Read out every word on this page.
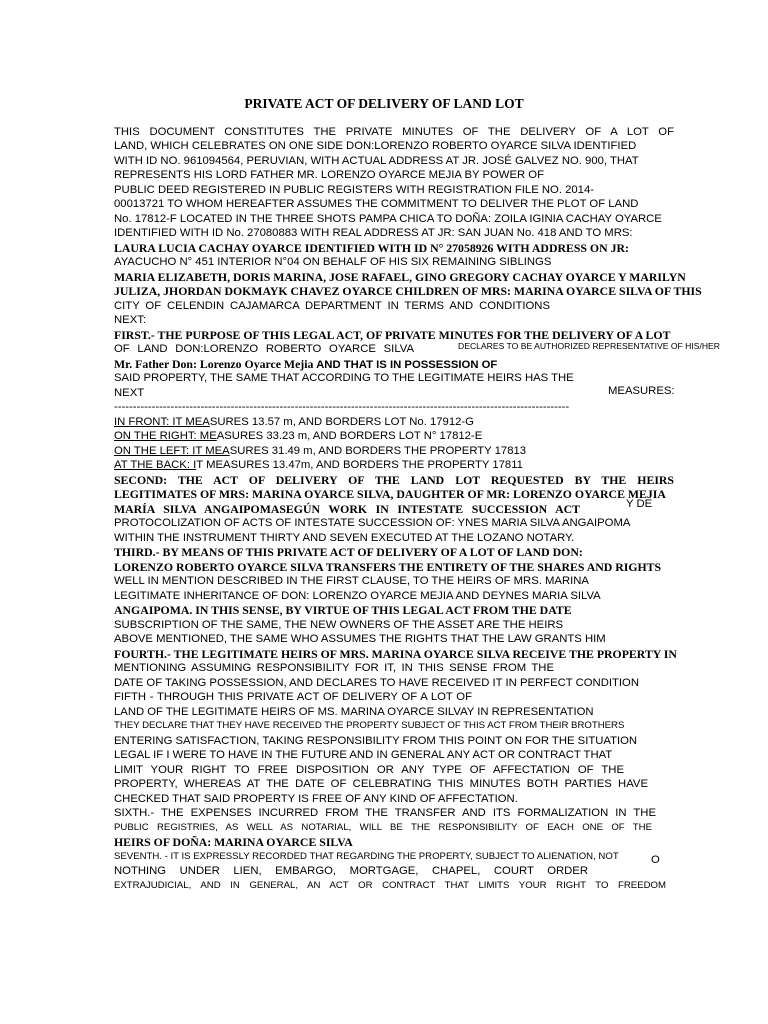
PRIVATE ACT OF DELIVERY OF LAND LOT
DECLARES TO BE AUTHORIZED REPRESENTATIVE OF HIS/HER
MEASURES:
Y DE
O
THIS DOCUMENT CONSTITUTES THE PRIVATE MINUTES OF THE DELIVERY OF A LOT OF
LAND, WHICH CELEBRATES ON ONE SIDE DON:LORENZO ROBERTO OYARCE SILVA IDENTIFIED
WITH ID NO. 961094564, PERUVIAN, WITH ACTUAL ADDRESS AT JR. JOSÉ GALVEZ NO. 900, THAT
REPRESENTS HIS LORD FATHER MR. LORENZO OYARCE MEJIA BY POWER OF
PUBLIC DEED REGISTERED IN PUBLIC REGISTERS WITH REGISTRATION FILE NO. 2014-
00013721 TO WHOM HEREAFTER ASSUMES THE COMMITMENT TO DELIVER THE PLOT OF LAND
No. 17812-F LOCATED IN THE THREE SHOTS PAMPA CHICA TO DOÑA: ZOILA IGINIA CACHAY OYARCE
IDENTIFIED WITH ID No. 27080883 WITH REAL ADDRESS AT JR: SAN JUAN No. 418 AND TO MRS:
LAURA LUCIA CACHAY OYARCE IDENTIFIED WITH ID N° 27058926 WITH ADDRESS ON JR:
AYACUCHO N° 451 INTERIOR N°04 ON BEHALF OF HIS SIX REMAINING SIBLINGS
MARIA ELIZABETH, DORIS MARINA, JOSE RAFAEL, GINO GREGORY CACHAY OYARCE Y MARILYN
JULIZA, JHORDAN DOKMAYK CHAVEZ OYARCE CHILDREN OF MRS: MARINA OYARCE SILVA OF THIS
CITY OF CELENDIN CAJAMARCA DEPARTMENT IN TERMS AND CONDITIONS
NEXT:
FIRST.- THE PURPOSE OF THIS LEGAL ACT, OF PRIVATE MINUTES FOR THE DELIVERY OF A LOT
OF LAND DON:LORENZO ROBERTO OYARCE SILVA
Mr. Father Don: Lorenzo Oyarce Mejia AND THAT IS IN POSSESSION OF
SAID PROPERTY, THE SAME THAT ACCORDING TO THE LEGITIMATE HEIRS HAS THE
NEXT
-------------------------------------------------------------------------------------------------------------------------
IN FRONT: IT MEASURES 13.57 m, AND BORDERS LOT No. 17912-G
ON THE RIGHT: MEASURES 33.23 m, AND BORDERS LOT N° 17812-E
ON THE LEFT: IT MEASURES 31.49 m, AND BORDERS THE PROPERTY 17813
AT THE BACK: IT MEASURES 13.47m, AND BORDERS THE PROPERTY 17811
SECOND: THE ACT OF DELIVERY OF THE LAND LOT REQUESTED BY THE HEIRS
LEGITIMATES OF MRS: MARINA OYARCE SILVA, DAUGHTER OF MR: LORENZO OYARCE MEJIA
MARÍA SILVA ANGAIPOMASEGÚN WORK IN INTESTATE SUCCESSION ACT
PROTOCOLIZATION OF ACTS OF INTESTATE SUCCESSION OF: YNES MARIA SILVA ANGAIPOMA
WITHIN THE INSTRUMENT THIRTY AND SEVEN EXECUTED AT THE LOZANO NOTARY.
THIRD.- BY MEANS OF THIS PRIVATE ACT OF DELIVERY OF A LOT OF LAND DON:
LORENZO ROBERTO OYARCE SILVA TRANSFERS THE ENTIRETY OF THE SHARES AND RIGHTS
WELL IN MENTION DESCRIBED IN THE FIRST CLAUSE, TO THE HEIRS OF MRS. MARINA
LEGITIMATE INHERITANCE OF DON: LORENZO OYARCE MEJIA AND DEYNES MARIA SILVA
ANGAIPOMA. IN THIS SENSE, BY VIRTUE OF THIS LEGAL ACT FROM THE DATE
SUBSCRIPTION OF THE SAME, THE NEW OWNERS OF THE ASSET ARE THE HEIRS
ABOVE MENTIONED, THE SAME WHO ASSUMES THE RIGHTS THAT THE LAW GRANTS HIM
FOURTH.- THE LEGITIMATE HEIRS OF MRS. MARINA OYARCE SILVA RECEIVE THE PROPERTY IN
MENTIONING ASSUMING RESPONSIBILITY FOR IT, IN THIS SENSE FROM THE
DATE OF TAKING POSSESSION, AND DECLARES TO HAVE RECEIVED IT IN PERFECT CONDITION
FIFTH - THROUGH THIS PRIVATE ACT OF DELIVERY OF A LOT OF
LAND OF THE LEGITIMATE HEIRS OF MS. MARINA OYARCE SILVAY IN REPRESENTATION
THEY DECLARE THAT THEY HAVE RECEIVED THE PROPERTY SUBJECT OF THIS ACT FROM THEIR BROTHERS
ENTERING SATISFACTION, TAKING RESPONSIBILITY FROM THIS POINT ON FOR THE SITUATION
LEGAL IF I WERE TO HAVE IN THE FUTURE AND IN GENERAL ANY ACT OR CONTRACT THAT
LIMIT YOUR RIGHT TO FREE DISPOSITION OR ANY TYPE OF AFFECTATION OF THE
PROPERTY, WHEREAS AT THE DATE OF CELEBRATING THIS MINUTES BOTH PARTIES HAVE
CHECKED THAT SAID PROPERTY IS FREE OF ANY KIND OF AFFECTATION.
SIXTH.- THE EXPENSES INCURRED FROM THE TRANSFER AND ITS FORMALIZATION IN THE
PUBLIC REGISTRIES, AS WELL AS NOTARIAL, WILL BE THE RESPONSIBILITY OF EACH ONE OF THE
HEIRS OF DOÑA: MARINA OYARCE SILVA
SEVENTH. - IT IS EXPRESSLY RECORDED THAT REGARDING THE PROPERTY, SUBJECT TO ALIENATION, NOT
NOTHING UNDER LIEN, EMBARGO, MORTGAGE, CHAPEL, COURT ORDER
EXTRAJUDICIAL, AND IN GENERAL, AN ACT OR CONTRACT THAT LIMITS YOUR RIGHT TO FREEDOM
